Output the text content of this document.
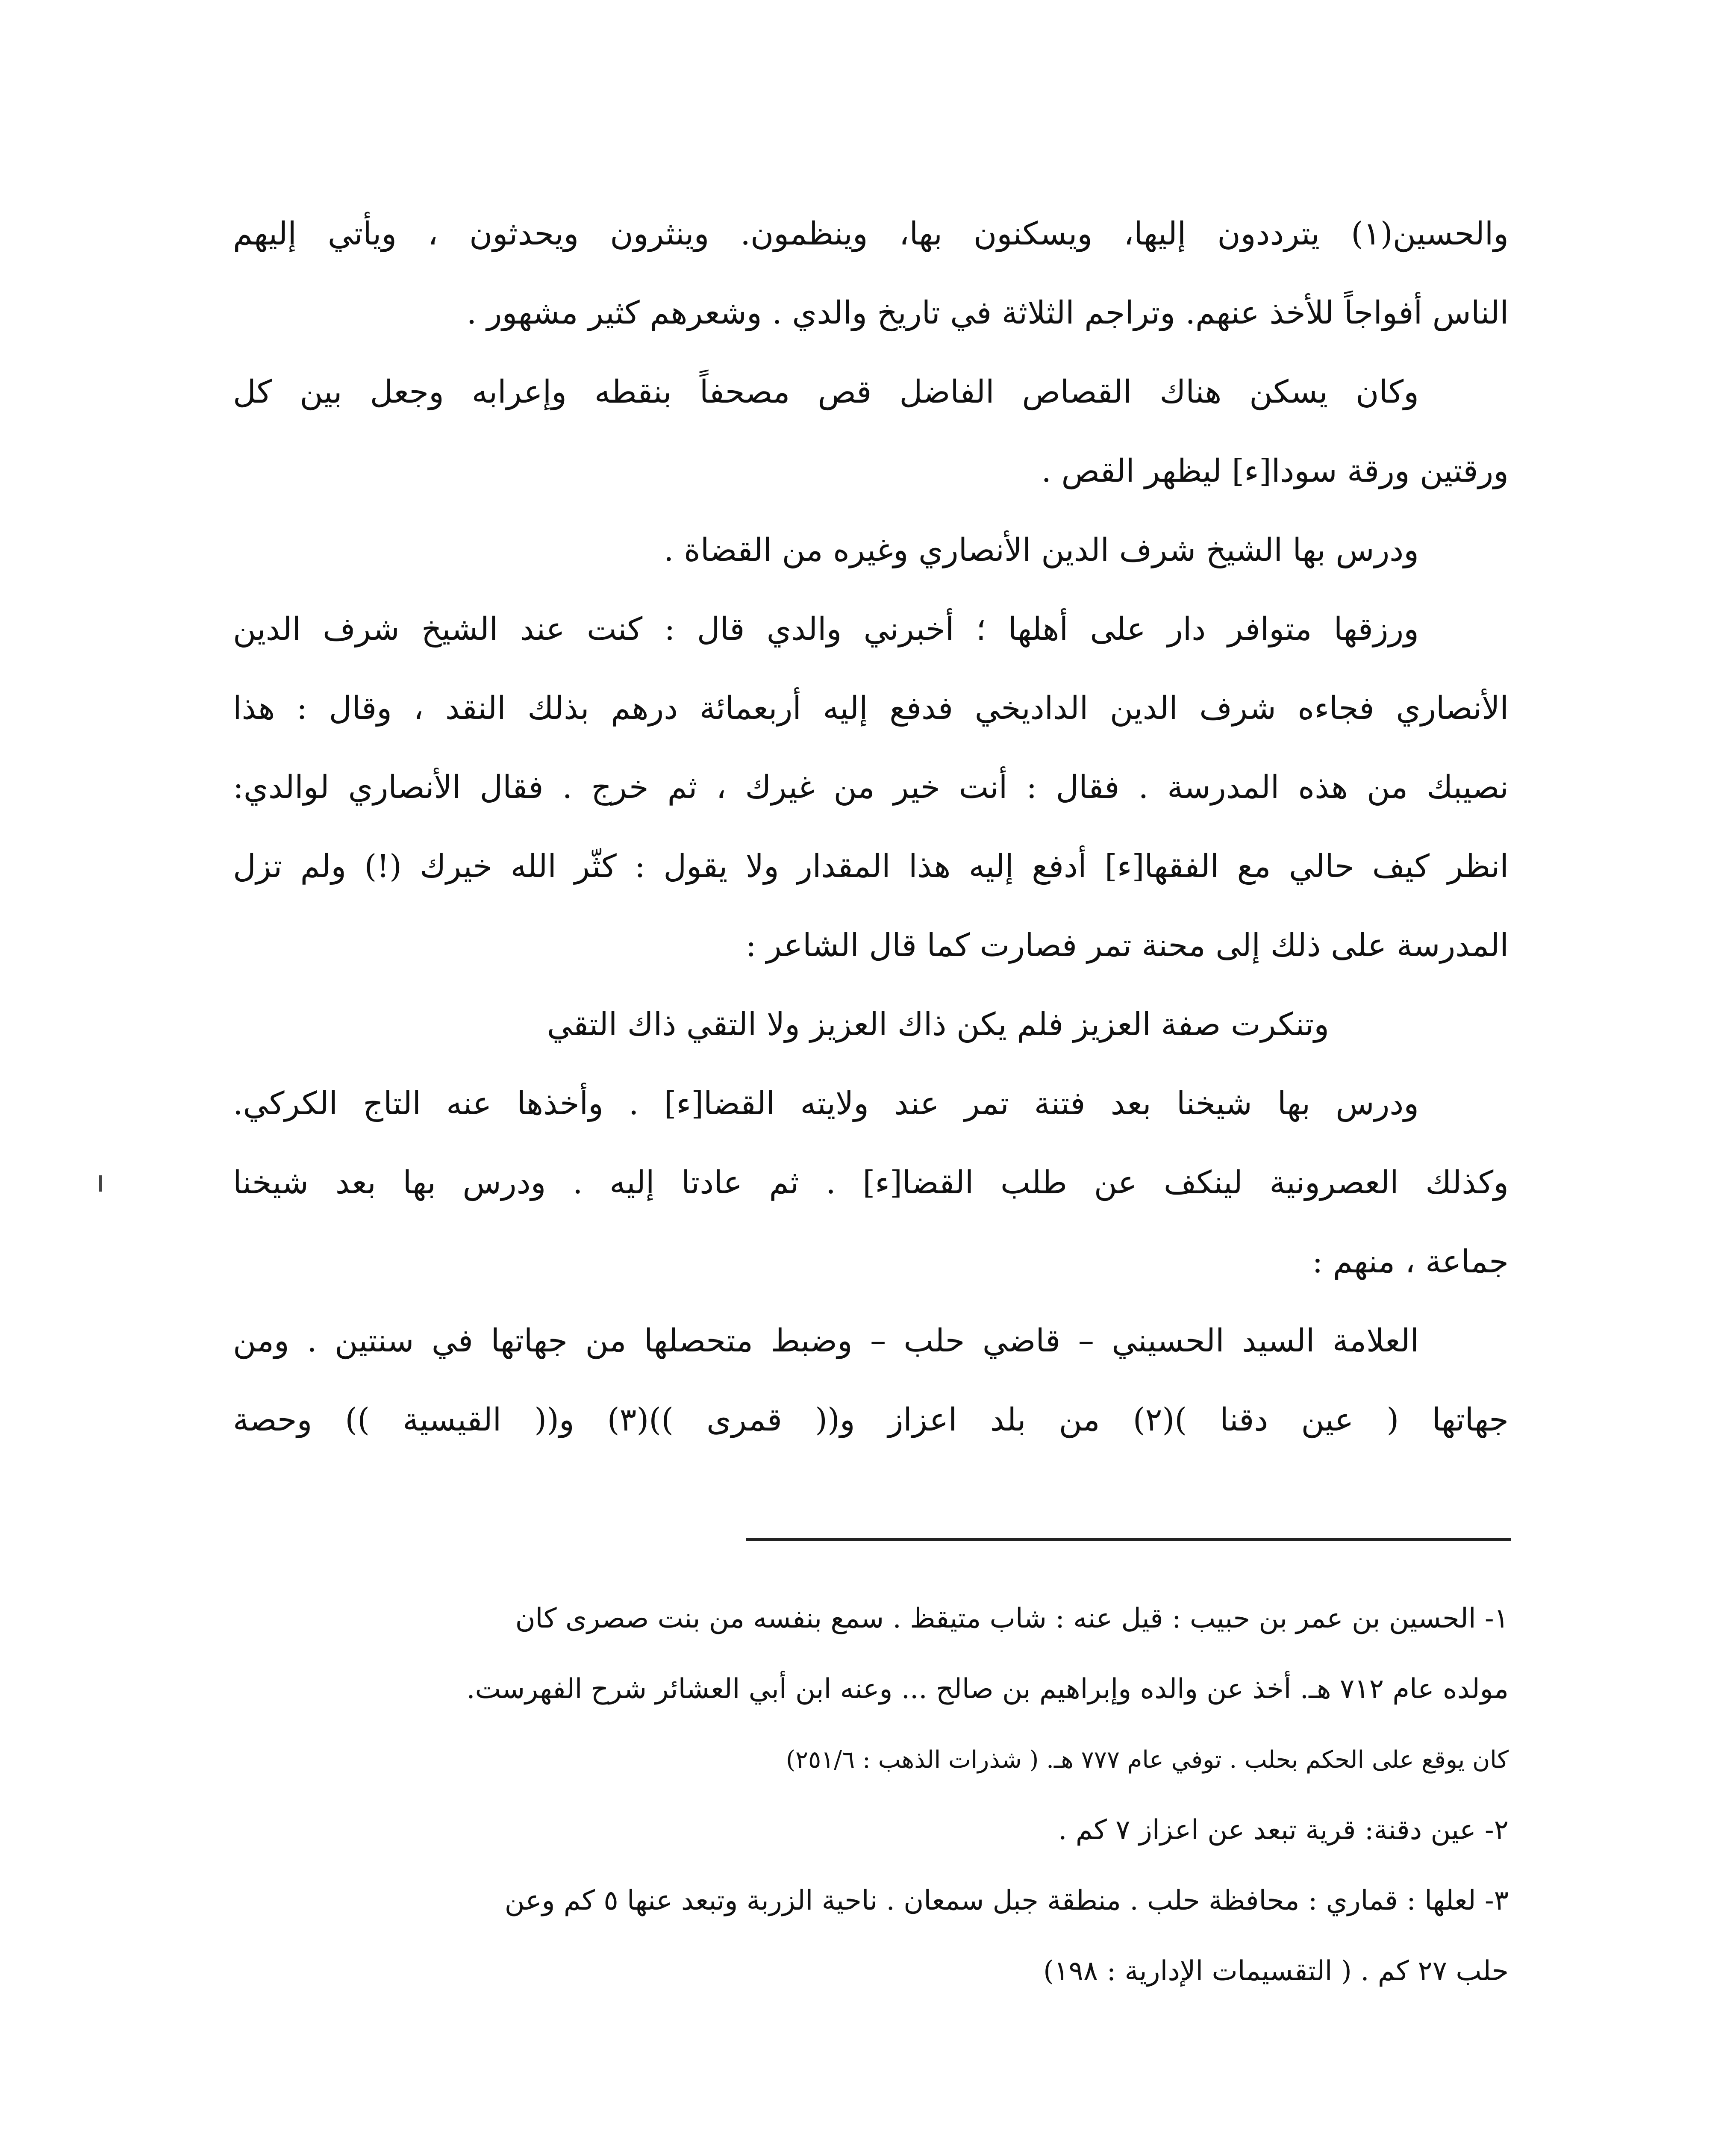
والحسين(١) يترددون إليها، ويسكنون بها، وينظمون. وينثرون ويحدثون ، ويأتي إليهم
الناس أفواجاً للأخذ عنهم. وتراجم الثلاثة في تاريخ والدي . وشعرهم كثير مشهور .
وكان يسكن هناك القصاص الفاضل قص مصحفاً بنقطه وإعرابه وجعل بين كل
ورقتين ورقة سودا[ء] ليظهر القص .
ودرس بها الشيخ شرف الدين الأنصاري وغيره من القضاة .
ورزقها متوافر دار على أهلها ؛ أخبرني والدي قال : كنت عند الشيخ شرف الدين
الأنصاري فجاءه شرف الدين الداديخي فدفع إليه أربعمائة درهم بذلك النقد ، وقال : هذا
نصيبك من هذه المدرسة . فقال : أنت خير من غيرك ، ثم خرج . فقال الأنصاري لوالدي:
انظر كيف حالي مع الفقها[ء] أدفع إليه هذا المقدار ولا يقول : كثّر الله خيرك (!) ولم تزل
المدرسة على ذلك إلى محنة تمر فصارت كما قال الشاعر :
وتنكرت صفة العزيز فلم يكن ذاك العزيز ولا التقي ذاك التقي
ودرس بها شيخنا بعد فتنة تمر عند ولايته القضا[ء] . وأخذها عنه التاج الكركي.
وكذلك العصرونية لينكف عن طلب القضا[ء] . ثم عادتا إليه . ودرس بها بعد شيخنا
جماعة ، منهم :
العلامة السيد الحسيني – قاضي حلب – وضبط متحصلها من جهاتها في سنتين . ومن
جهاتها ( عين دقنا )(٢) من بلد اعزاز و(( قمرى ))(٣) و(( القيسية )) وحصة
١- الحسين بن عمر بن حبيب : قيل عنه : شاب متيقظ . سمع بنفسه من بنت صصرى كان
مولده عام ٧١٢ هـ. أخذ عن والده وإبراهيم بن صالح ... وعنه ابن أبي العشائر شرح الفهرست.
كان يوقع على الحكم بحلب . توفي عام ٧٧٧ هـ. ( شذرات الذهب : ٢٥١/٦)
٢- عين دقنة: قرية تبعد عن اعزاز ٧ كم .
٣- لعلها : قماري : محافظة حلب . منطقة جبل سمعان . ناحية الزربة وتبعد عنها ٥ كم وعن
حلب ٢٧ كم . ( التقسيمات الإدارية : ١٩٨)
